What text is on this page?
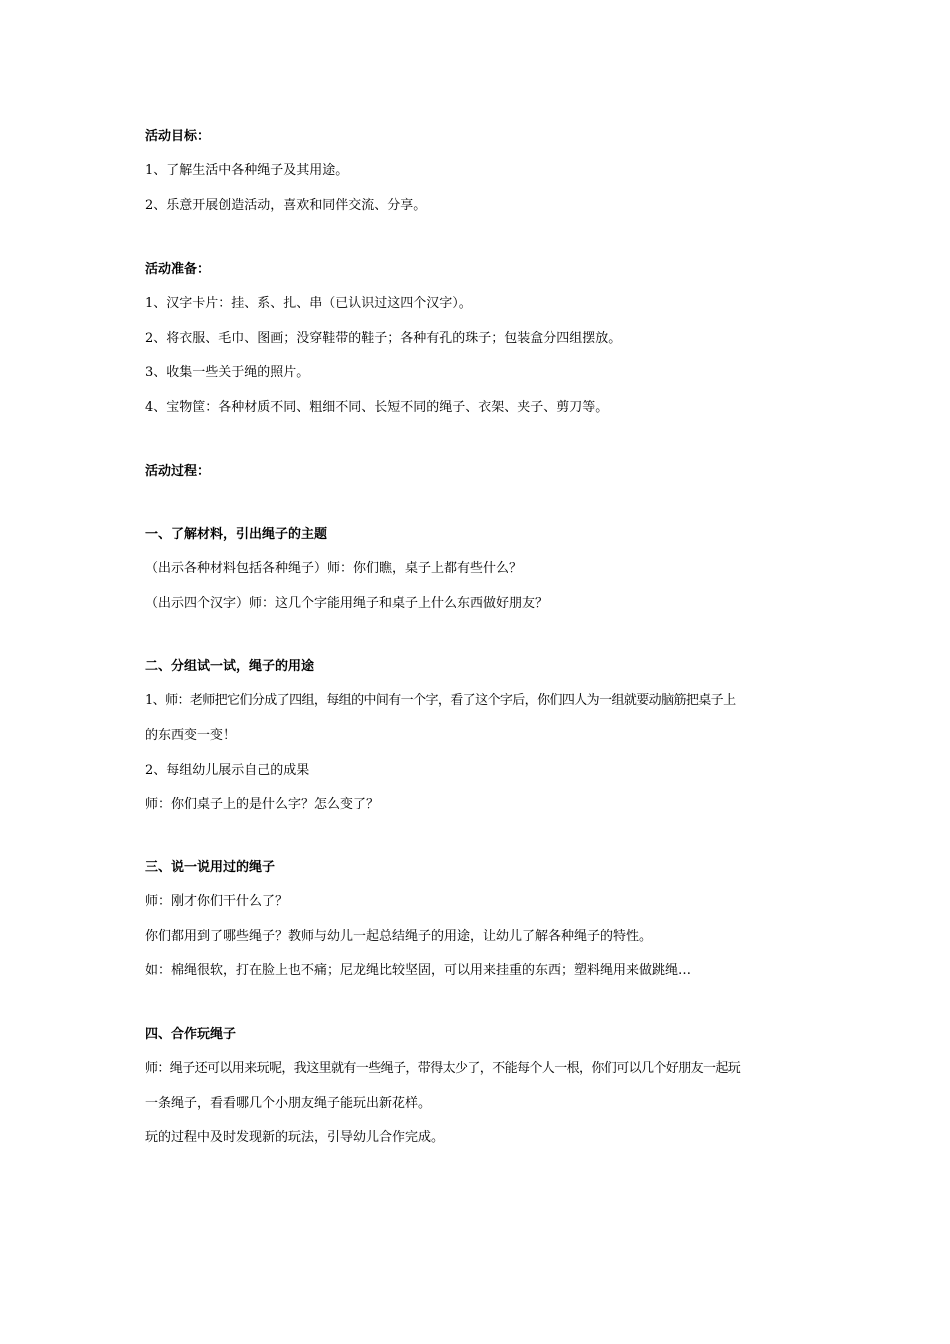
活动目标：
1、了解生活中各种绳子及其用途。
2、乐意开展创造活动，喜欢和同伴交流、分享。
活动准备：
1、汉字卡片：挂、系、扎、串（已认识过这四个汉字）。
2、将衣服、毛巾、图画；没穿鞋带的鞋子；各种有孔的珠子；包装盒分四组摆放。
3、收集一些关于绳的照片。
4、宝物筐：各种材质不同、粗细不同、长短不同的绳子、衣架、夹子、剪刀等。
活动过程：
一、了解材料，引出绳子的主题
（出示各种材料包括各种绳子）师：你们瞧，桌子上都有些什么？
（出示四个汉字）师：这几个字能用绳子和桌子上什么东西做好朋友？
二、分组试一试，绳子的用途
1、师：老师把它们分成了四组，每组的中间有一个字，看了这个字后，你们四人为一组就要动脑筋把桌子上
的东西变一变！
2、每组幼儿展示自己的成果
师：你们桌子上的是什么字？怎么变了？
三、说一说用过的绳子
师：刚才你们干什么了？
你们都用到了哪些绳子？教师与幼儿一起总结绳子的用途，让幼儿了解各种绳子的特性。
如：棉绳很软，打在脸上也不痛；尼龙绳比较坚固，可以用来挂重的东西；塑料绳用来做跳绳…
四、合作玩绳子
师：绳子还可以用来玩呢，我这里就有一些绳子，带得太少了，不能每个人一根，你们可以几个好朋友一起玩
一条绳子，看看哪几个小朋友绳子能玩出新花样。
玩的过程中及时发现新的玩法，引导幼儿合作完成。
